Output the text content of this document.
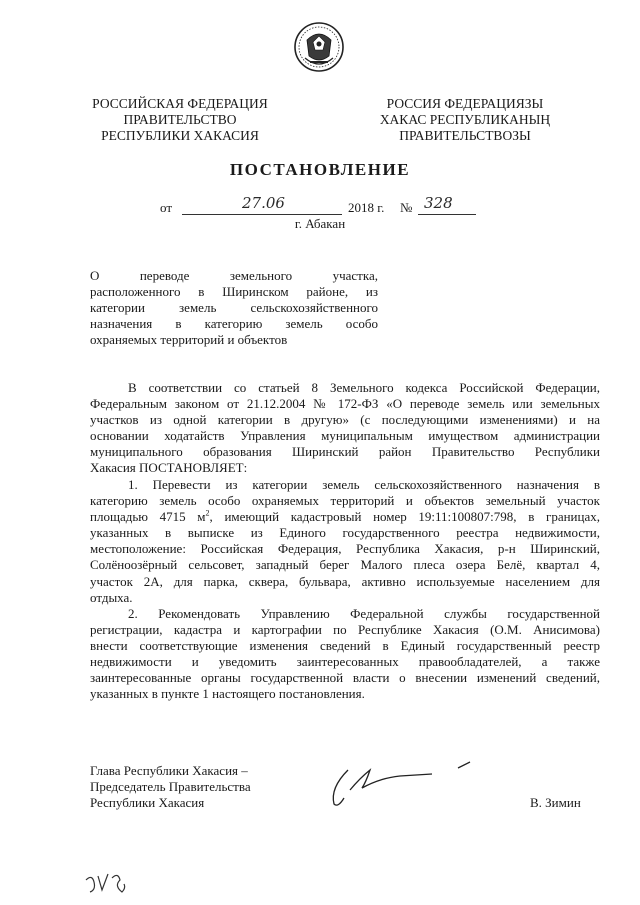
РОССИЙСКАЯ ФЕДЕРАЦИЯ
ПРАВИТЕЛЬСТВО
РЕСПУБЛИКИ ХАКАСИЯ
РОССИЯ ФЕДЕРАЦИЯЗЫ
ХАКАС РЕСПУБЛИКАНЫҢ
ПРАВИТЕЛЬСТВОЗЫ
ПОСТАНОВЛЕНИЕ
от	27.06	2018 г. № 328
г. Абакан
О переводе земельного участка,
расположенного в Ширинском районе, из
категории земель сельскохозяйственного
назначения в категорию земель особо
охраняемых территорий и объектов
В соответствии со статьей 8 Земельного кодекса Российской Федерации,
Федеральным законом от 21.12.2004 № 172-ФЗ «О переводе земель или земельных
участков из одной категории в другую» (с последующими изменениями) и на
основании ходатайств Управления муниципальным имуществом администрации
муниципального образования Ширинский район Правительство Республики
Хакасия ПОСТАНОВЛЯЕТ:
1. Перевести из категории земель сельскохозяйственного назначения в
категорию земель особо охраняемых территорий и объектов земельный участок
площадью 4715 $м^2$, имеющий кадастровый номер 19:11:100807:798, в границах,
указанных в выписке из Единого государственного реестра недвижимости,
местоположение: Российская Федерация, Республика Хакасия, р-н Ширинский,
Солёноозёрный сельсовет, западный берег Малого плеса озера Белё, квартал 4,
участок 2А, для парка, сквера, бульвара, активно используемые населением для
отдыха.
2. Рекомендовать Управлению Федеральной службы государственной
регистрации, кадастра и картографии по Республике Хакасия (О.М. Анисимова)
внести соответствующие изменения сведений в Единый государственный реестр
недвижимости и уведомить заинтересованных правообладателей, а также
заинтересованные органы государственной власти о внесении изменений сведений,
указанных в пункте 1 настоящего постановления.
Глава Республики Хакасия –
Председатель Правительства
Республики Хакасия	В. Зимин
